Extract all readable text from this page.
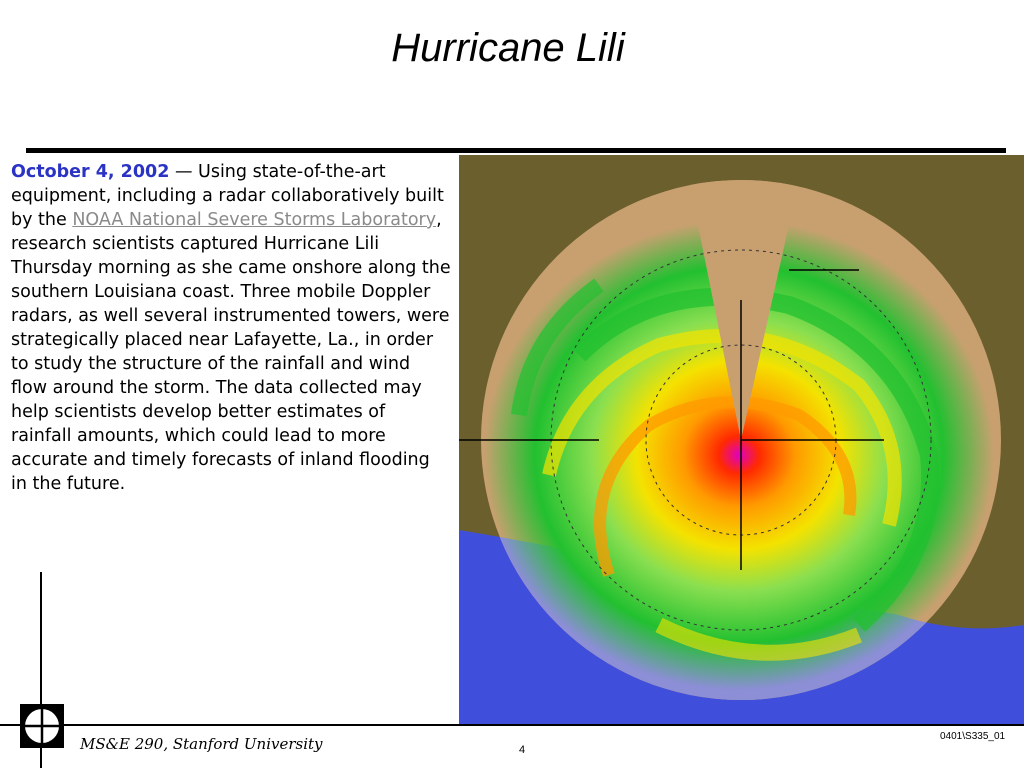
Hurricane Lili
October 4, 2002 — Using state-of-the-art equipment, including a radar collaboratively built by the NOAA National Severe Storms Laboratory, research scientists captured Hurricane Lili Thursday morning as she came onshore along the southern Louisiana coast. Three mobile Doppler radars, as well several instrumented towers, were strategically placed near Lafayette, La., in order to study the structure of the rainfall and wind flow around the storm. The data collected may help scientists develop better estimates of rainfall amounts, which could lead to more accurate and timely forecasts of inland flooding in the future.
MS&E 290, Stanford University	4
0401\S335_01
